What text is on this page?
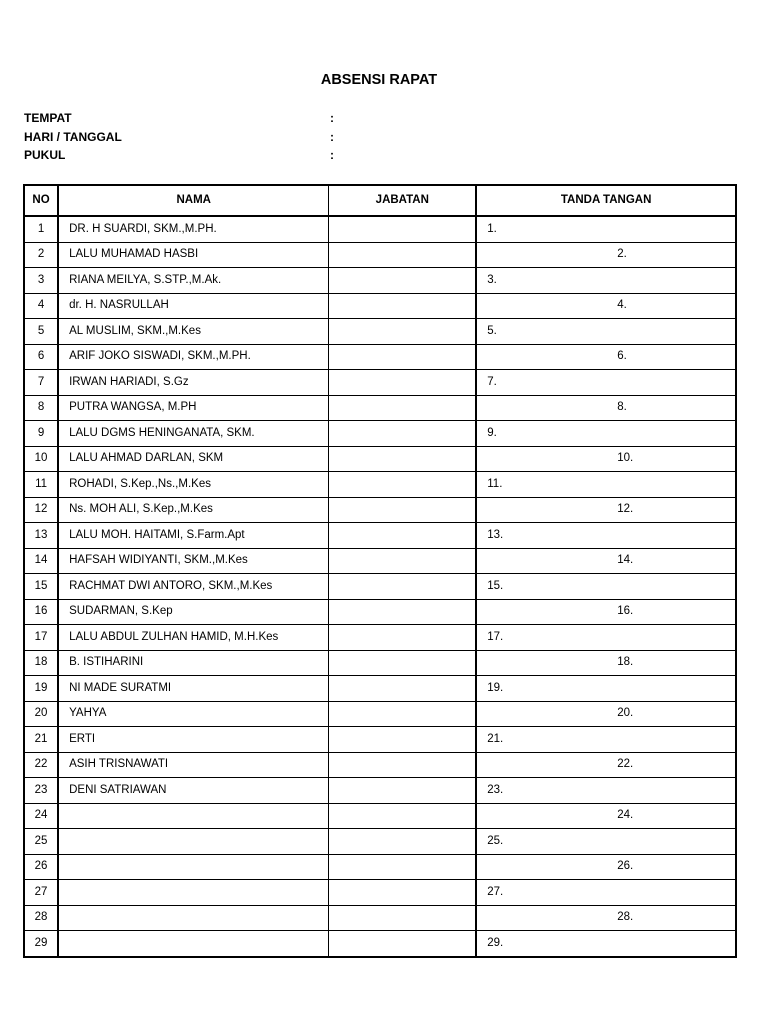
ABSENSI RAPAT
TEMPAT	:
HARI / TANGGAL	:
PUKUL	:
NO	NAMA	JABATAN	TANDA TANGAN
1	DR. H SUARDI, SKM.,M.PH.		1.
2	LALU MUHAMAD HASBI		2.
3	RIANA MEILYA, S.STP.,M.Ak.		3.
4	dr. H. NASRULLAH		4.
5	AL MUSLIM, SKM.,M.Kes		5.
6	ARIF JOKO SISWADI, SKM.,M.PH.		6.
7	IRWAN HARIADI, S.Gz		7.
8	PUTRA WANGSA, M.PH		8.
9	LALU DGMS HENINGANATA, SKM.		9.
10	LALU AHMAD DARLAN, SKM		10.
11	ROHADI, S.Kep.,Ns.,M.Kes		11.
12	Ns. MOH ALI, S.Kep.,M.Kes		12.
13	LALU MOH. HAITAMI, S.Farm.Apt		13.
14	HAFSAH WIDIYANTI, SKM.,M.Kes		14.
15	RACHMAT DWI ANTORO, SKM.,M.Kes		15.
16	SUDARMAN, S.Kep		16.
17	LALU ABDUL ZULHAN HAMID, M.H.Kes		17.
18	B. ISTIHARINI		18.
19	NI MADE SURATMI		19.
20	YAHYA		20.
21	ERTI		21.
22	ASIH TRISNAWATI		22.
23	DENI SATRIAWAN		23.
24			24.
25			25.
26			26.
27			27.
28			28.
29			29.
